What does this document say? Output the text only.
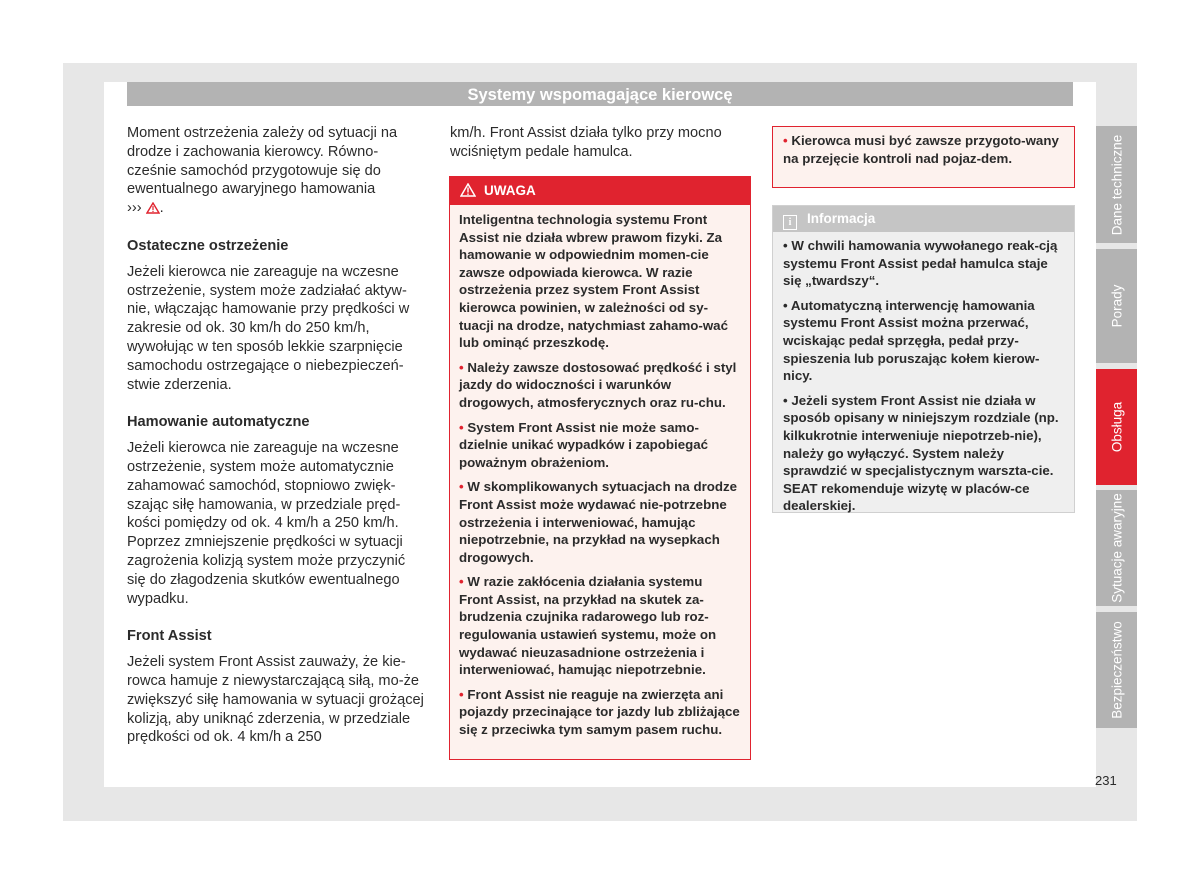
Systemy wspomagające kierowcę

Moment ostrzeżenia zależy od sytuacji na drodze i zachowania kierowcy. Równo-cześnie samochód przygotowuje się do ewentualnego awaryjnego hamowania
››› .

Ostateczne ostrzeżenie

Jeżeli kierowca nie zareaguje na wczesne ostrzeżenie, system może zadziałać aktyw-nie, włączając hamowanie przy prędkości w zakresie od ok. 30 km/h do 250 km/h, wywołując w ten sposób lekkie szarpnięcie samochodu ostrzegające o niebezpieczeń-stwie zderzenia.

Hamowanie automatyczne

Jeżeli kierowca nie zareaguje na wczesne ostrzeżenie, system może automatycznie zahamować samochód, stopniowo zwięk-szając siłę hamowania, w przedziale pręd-kości pomiędzy od ok. 4 km/h a 250 km/h. Poprzez zmniejszenie prędkości w sytuacji zagrożenia kolizją system może przyczynić się do złagodzenia skutków ewentualnego wypadku.

Front Assist

Jeżeli system Front Assist zauważy, że kie-rowca hamuje z niewystarczającą siłą, mo-że zwiększyć siłę hamowania w sytuacji grożącej kolizją, aby uniknąć zderzenia, w przedziale prędkości od ok. 4 km/h a 250

km/h. Front Assist działa tylko przy mocno wciśniętym pedale hamulca.

UWAGA

Inteligentna technologia systemu Front Assist nie działa wbrew prawom fizyki. Za hamowanie w odpowiednim momen-cie zawsze odpowiada kierowca. W razie ostrzeżenia przez system Front Assist kierowca powinien, w zależności od sy-tuacji na drodze, natychmiast zahamo-wać lub ominąć przeszkodę.

• Należy zawsze dostosować prędkość i styl jazdy do widoczności i warunków drogowych, atmosferycznych oraz ru-chu.

• System Front Assist nie może samo-dzielnie unikać wypadków i zapobiegać poważnym obrażeniom.

• W skomplikowanych sytuacjach na drodze Front Assist może wydawać nie-potrzebne ostrzeżenia i interweniować, hamując niepotrzebnie, na przykład na wysepkach drogowych.

• W razie zakłócenia działania systemu Front Assist, na przykład na skutek za-brudzenia czujnika radarowego lub roz-regulowania ustawień systemu, może on wydawać nieuzasadnione ostrzeżenia i interweniować, hamując niepotrzebnie.

• Front Assist nie reaguje na zwierzęta ani pojazdy przecinające tor jazdy lub zbliżające się z przeciwka tym samym pasem ruchu.

• Kierowca musi być zawsze przygoto-wany na przejęcie kontroli nad pojaz-dem.
i Informacja

• W chwili hamowania wywołanego reak-cją systemu Front Assist pedał hamulca staje się „twardszy“.

• Automatyczną interwencję hamowania systemu Front Assist można przerwać, wciskając pedał sprzęgła, pedał przy-spieszenia lub poruszając kołem kierow-nicy.

• Jeżeli system Front Assist nie działa w sposób opisany w niniejszym rozdziale (np. kilkukrotnie interweniuje niepotrzeb-nie), należy go wyłączyć. System należy sprawdzić w specjalistycznym warszta-cie. SEAT rekomenduje wizytę w placów-ce dealerskiej.

Dane techniczne
Porady
Obsługa
Sytuacje awaryjne
Bezpieczeństwo
231
